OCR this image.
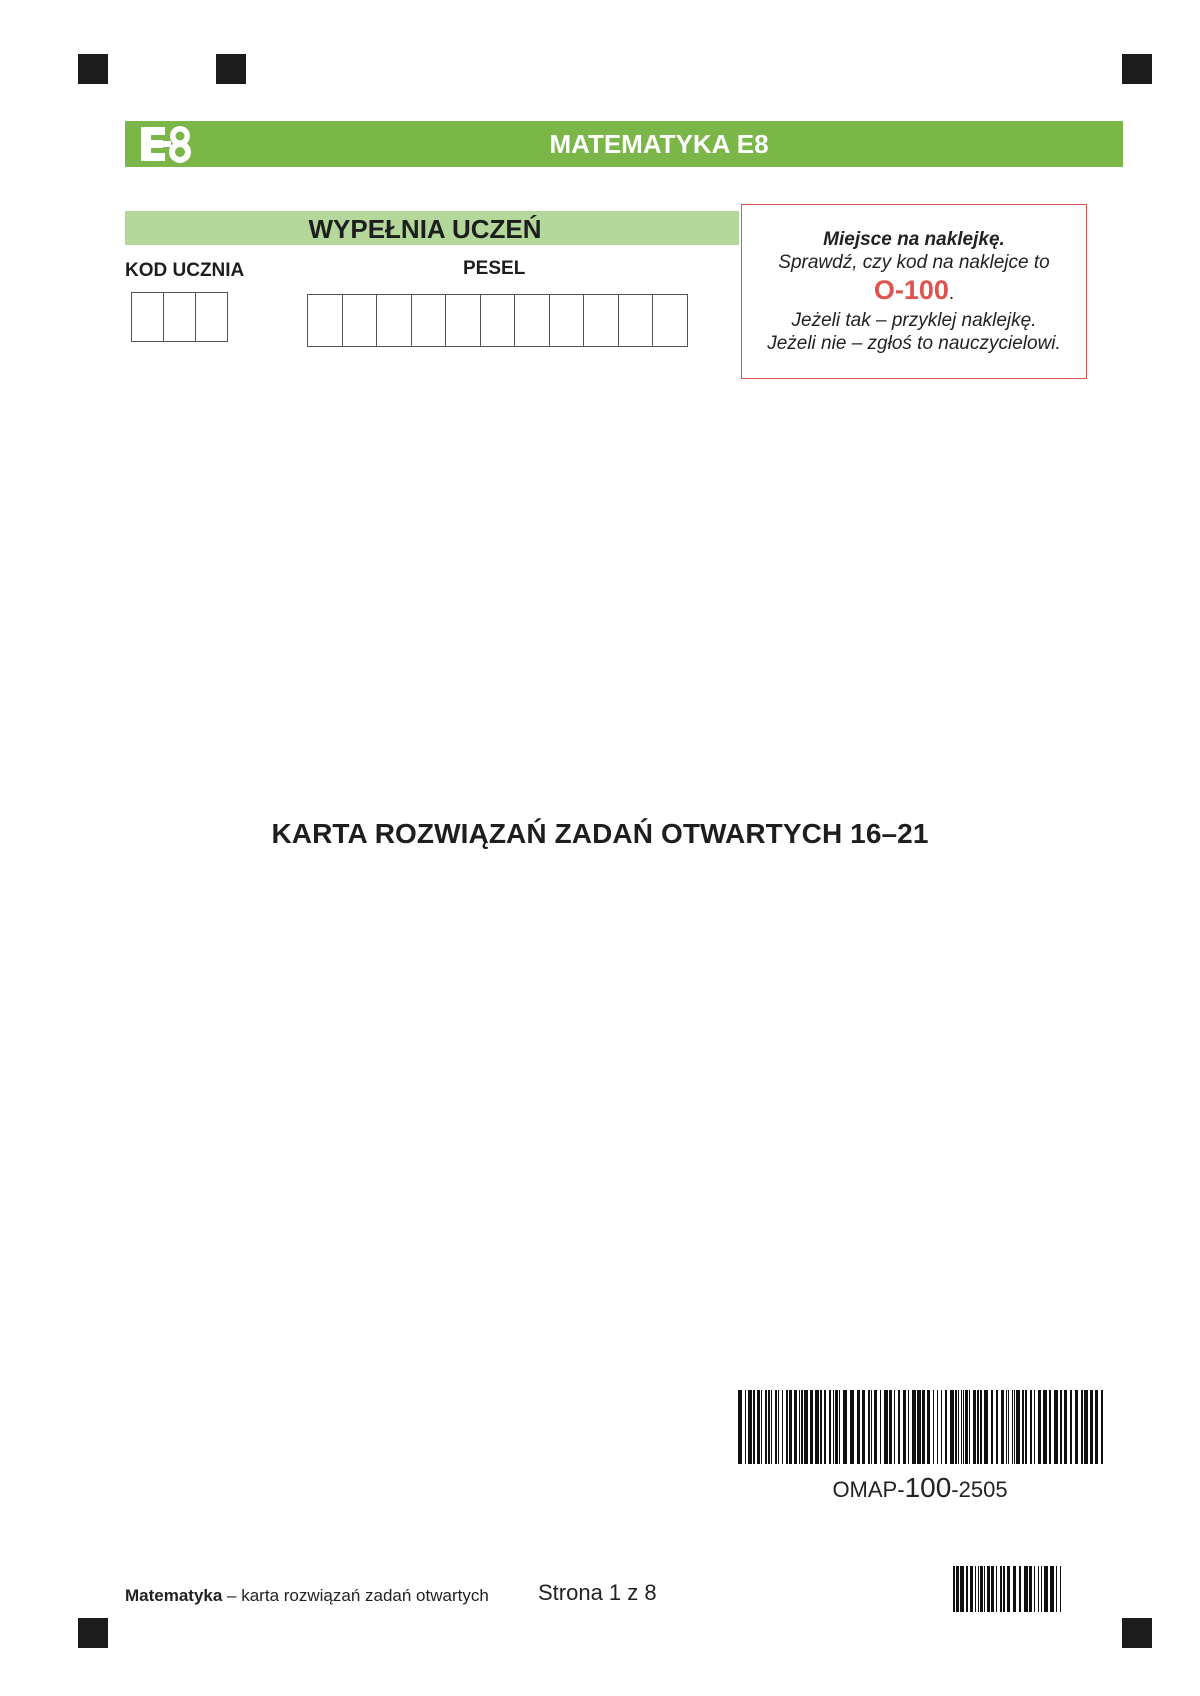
MATEMATYKA E8
WYPEŁNIA UCZEŃ
KOD UCZNIA	PESEL
Miejsce na naklejkę.
Sprawdź, czy kod na naklejce to
O-100.
Jeżeli tak – przyklej naklejkę.
Jeżeli nie – zgłoś to nauczycielowi.
KARTA ROZWIĄZAŃ ZADAŃ OTWARTYCH 16–21
OMAP-100-2505
Matematyka – karta rozwiązań zadań otwartych Strona 1 z 8
